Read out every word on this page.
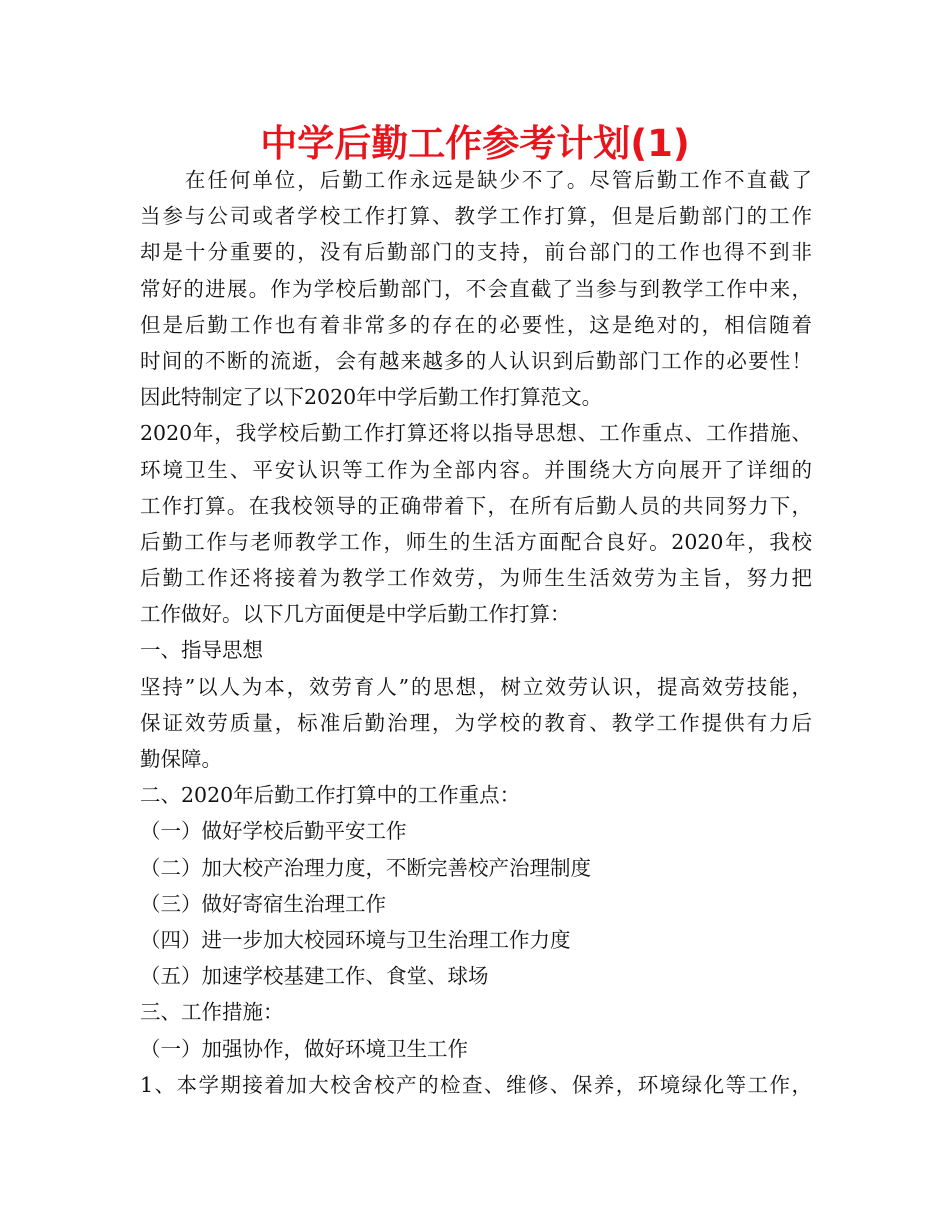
中学后勤工作参考计划(1)
　　在任何单位，后勤工作永远是缺少不了。尽管后勤工作不直截了
当参与公司或者学校工作打算、教学工作打算，但是后勤部门的工作
却是十分重要的，没有后勤部门的支持，前台部门的工作也得不到非
常好的进展。作为学校后勤部门，不会直截了当参与到教学工作中来，
但是后勤工作也有着非常多的存在的必要性，这是绝对的，相信随着
时间的不断的流逝，会有越来越多的人认识到后勤部门工作的必要性！
因此特制定了以下2020年中学后勤工作打算范文。
2020年，我学校后勤工作打算还将以指导思想、工作重点、工作措施、
环境卫生、平安认识等工作为全部内容。并围绕大方向展开了详细的
工作打算。在我校领导的正确带着下，在所有后勤人员的共同努力下，
后勤工作与老师教学工作，师生的生活方面配合良好。2020年，我校
后勤工作还将接着为教学工作效劳，为师生生活效劳为主旨，努力把
工作做好。以下几方面便是中学后勤工作打算：
一、指导思想
坚持”以人为本，效劳育人”的思想，树立效劳认识，提高效劳技能，
保证效劳质量，标准后勤治理，为学校的教育、教学工作提供有力后
勤保障。
二、2020年后勤工作打算中的工作重点：
（一）做好学校后勤平安工作
（二）加大校产治理力度，不断完善校产治理制度
（三）做好寄宿生治理工作
（四）进一步加大校园环境与卫生治理工作力度
（五）加速学校基建工作、食堂、球场
三、工作措施：
（一）加强协作，做好环境卫生工作
1、本学期接着加大校舍校产的检查、维修、保养，环境绿化等工作，
